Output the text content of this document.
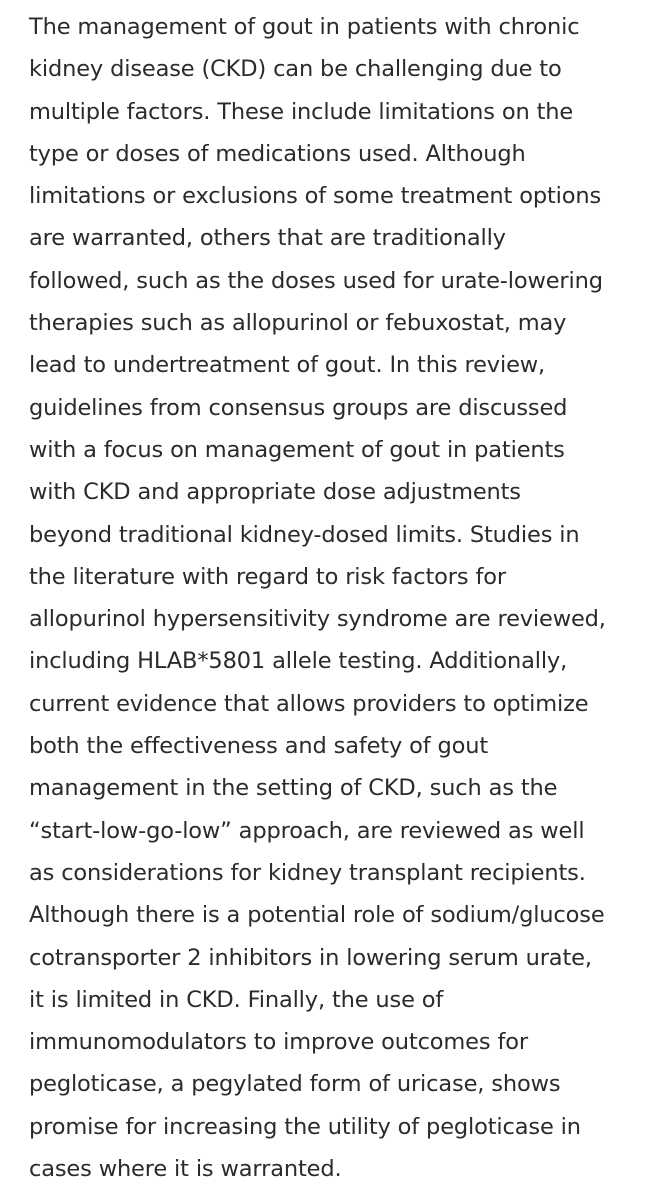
The management of gout in patients with chronic
kidney disease (CKD) can be challenging due to
multiple factors. These include limitations on the
type or doses of medications used. Although
limitations or exclusions of some treatment options
are warranted, others that are traditionally
followed, such as the doses used for urate-lowering
therapies such as allopurinol or febuxostat, may
lead to undertreatment of gout. In this review,
guidelines from consensus groups are discussed
with a focus on management of gout in patients
with CKD and appropriate dose adjustments
beyond traditional kidney-dosed limits. Studies in
the literature with regard to risk factors for
allopurinol hypersensitivity syndrome are reviewed,
including HLAB*5801 allele testing. Additionally,
current evidence that allows providers to optimize
both the effectiveness and safety of gout
management in the setting of CKD, such as the
“start-low-go-low” approach, are reviewed as well
as considerations for kidney transplant recipients.
Although there is a potential role of sodium/glucose
cotransporter 2 inhibitors in lowering serum urate,
it is limited in CKD. Finally, the use of
immunomodulators to improve outcomes for
pegloticase, a pegylated form of uricase, shows
promise for increasing the utility of pegloticase in
cases where it is warranted.
